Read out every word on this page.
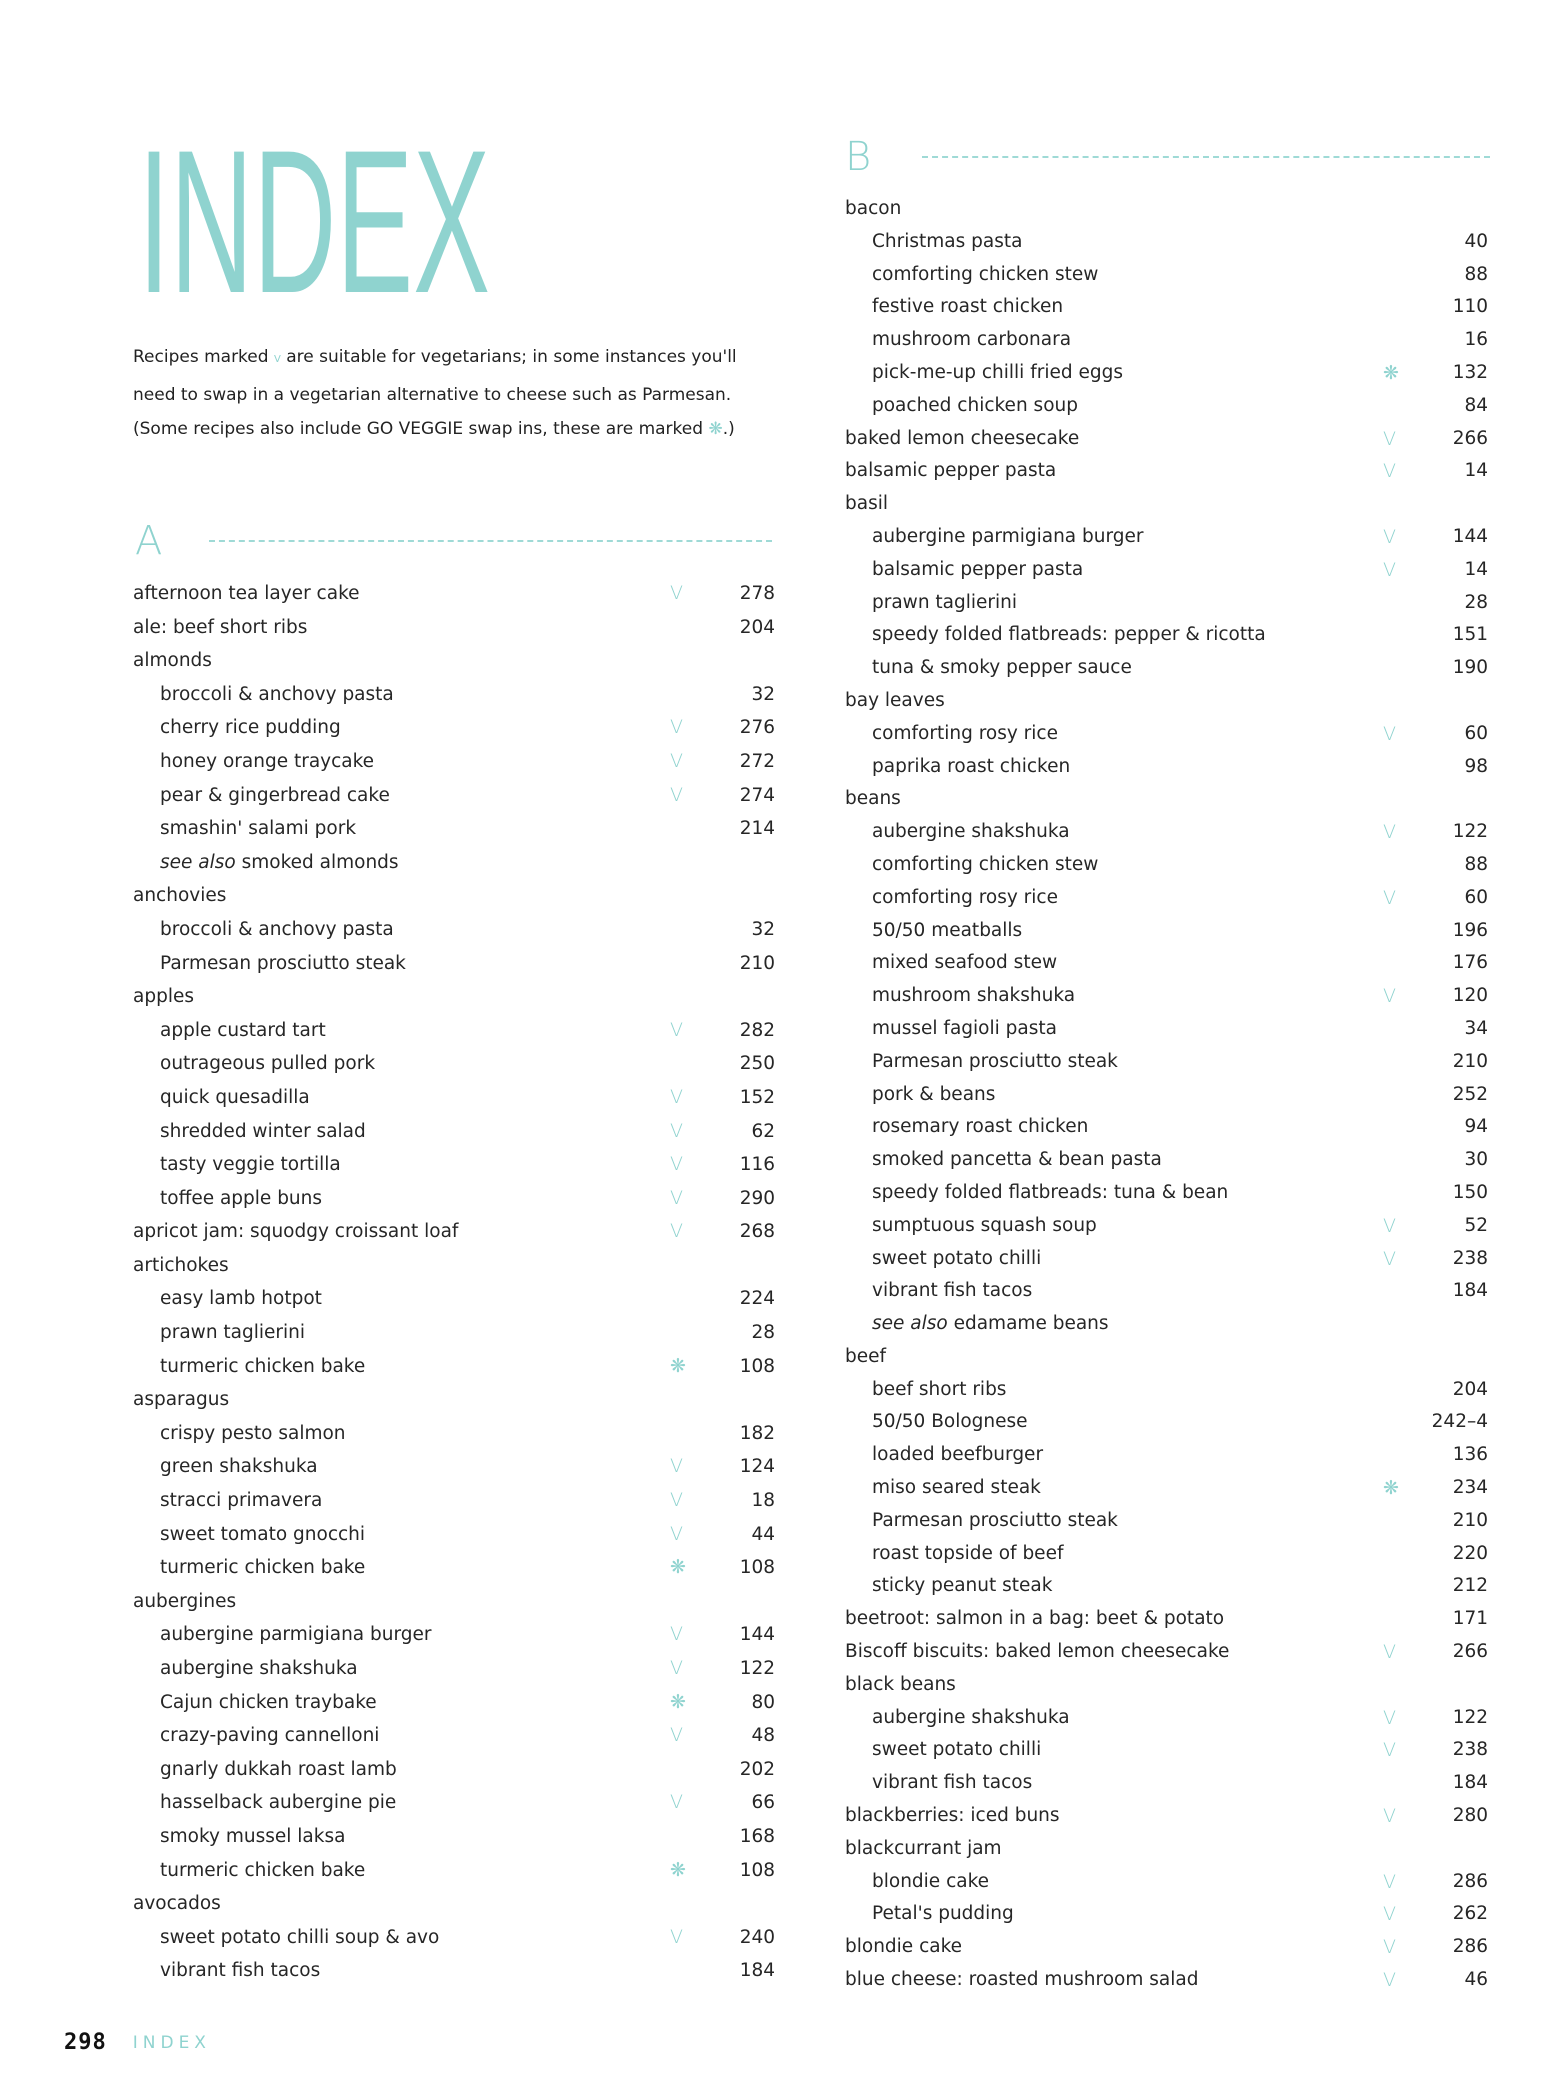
INDEX
Recipes marked V are suitable for vegetarians; in some instances you'll
need to swap in a vegetarian alternative to cheese such as Parmesan.
(Some recipes also include GO VEGGIE swap ins, these are marked ❋.)
A
afternoon tea layer cake	V	278
ale: beef short ribs	204
almonds
broccoli & anchovy pasta	32
cherry rice pudding	V	276
honey orange traycake	V	272
pear & gingerbread cake	V	274
smashin' salami pork	214
see also smoked almonds
anchovies
broccoli & anchovy pasta	32
Parmesan prosciutto steak	210
apples
apple custard tart	V	282
outrageous pulled pork	250
quick quesadilla	V	152
shredded winter salad	V	62
tasty veggie tortilla	V	116
toffee apple buns	V	290
apricot jam: squodgy croissant loaf	V	268
artichokes
easy lamb hotpot	224
prawn taglierini	28
turmeric chicken bake	❋	108
asparagus
crispy pesto salmon	182
green shakshuka	V	124
stracci primavera	V	18
sweet tomato gnocchi	V	44
turmeric chicken bake	❋	108
aubergines
aubergine parmigiana burger	V	144
aubergine shakshuka	V	122
Cajun chicken traybake	❋	80
crazy-paving cannelloni	V	48
gnarly dukkah roast lamb	202
hasselback aubergine pie	V	66
smoky mussel laksa	168
turmeric chicken bake	❋	108
avocados
sweet potato chilli soup & avo	V	240
vibrant fish tacos	184
B
bacon
Christmas pasta	40
comforting chicken stew	88
festive roast chicken	110
mushroom carbonara	16
pick-me-up chilli fried eggs	❋	132
poached chicken soup	84
baked lemon cheesecake	V	266
balsamic pepper pasta	V	14
basil
aubergine parmigiana burger	V	144
balsamic pepper pasta	V	14
prawn taglierini	28
speedy folded flatbreads: pepper & ricotta	151
tuna & smoky pepper sauce	190
bay leaves
comforting rosy rice	V	60
paprika roast chicken	98
beans
aubergine shakshuka	V	122
comforting chicken stew	88
comforting rosy rice	V	60
50/50 meatballs	196
mixed seafood stew	176
mushroom shakshuka	V	120
mussel fagioli pasta	34
Parmesan prosciutto steak	210
pork & beans	252
rosemary roast chicken	94
smoked pancetta & bean pasta	30
speedy folded flatbreads: tuna & bean	150
sumptuous squash soup	V	52
sweet potato chilli	V	238
vibrant fish tacos	184
see also edamame beans
beef
beef short ribs	204
50/50 Bolognese	242–4
loaded beefburger	136
miso seared steak	❋	234
Parmesan prosciutto steak	210
roast topside of beef	220
sticky peanut steak	212
beetroot: salmon in a bag: beet & potato	171
Biscoff biscuits: baked lemon cheesecake	V	266
black beans
aubergine shakshuka	V	122
sweet potato chilli	V	238
vibrant fish tacos	184
blackberries: iced buns	V	280
blackcurrant jam
blondie cake	V	286
Petal's pudding	V	262
blondie cake	V	286
blue cheese: roasted mushroom salad	V	46
298 INDEX
